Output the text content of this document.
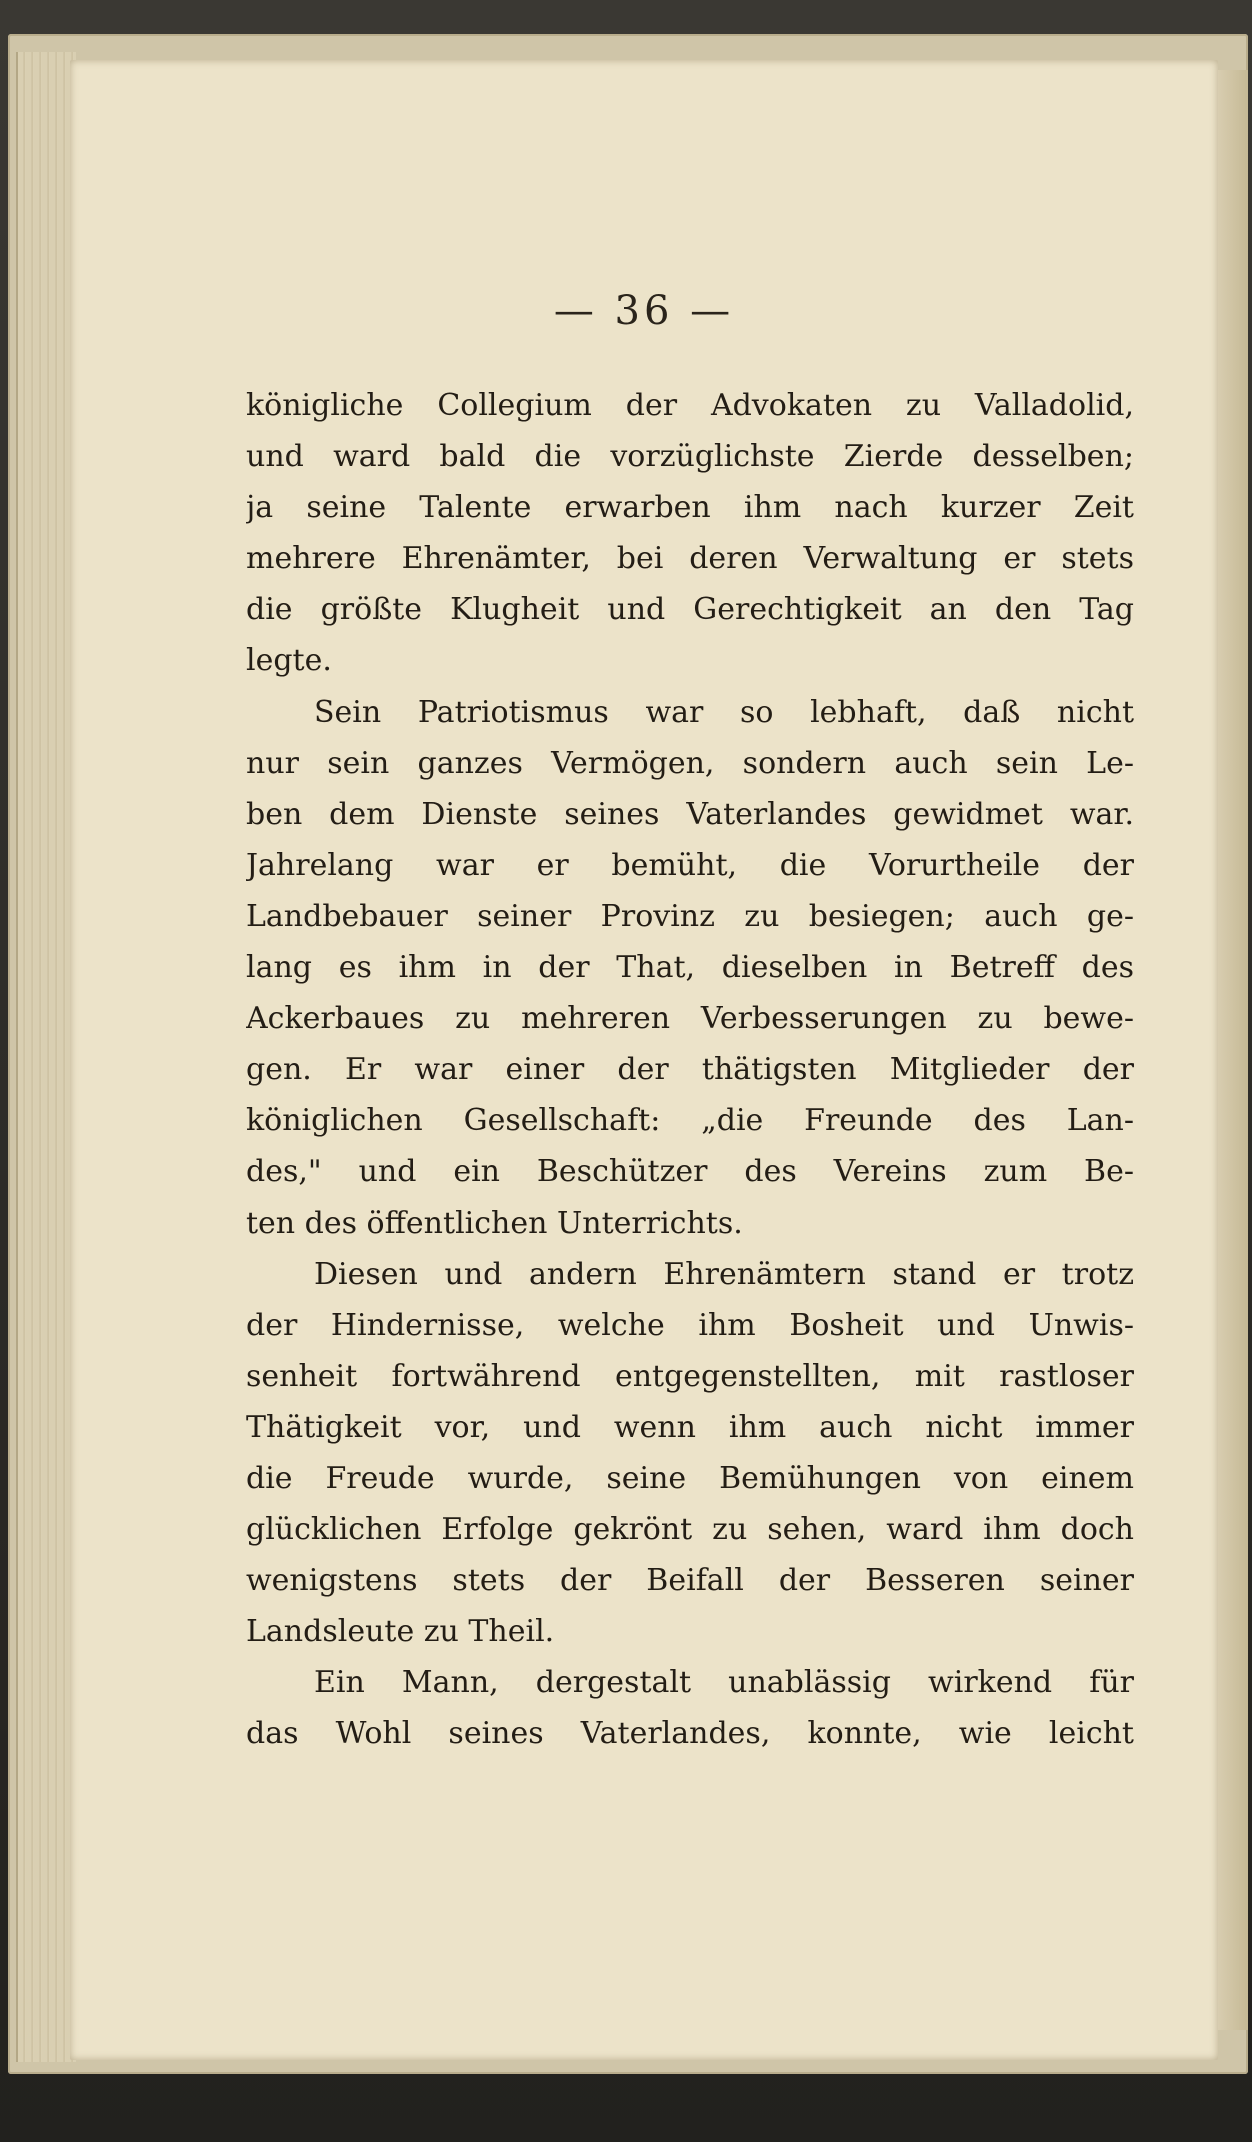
— 36 —
königliche Collegium der Advokaten zu Valladolid,
und ward bald die vorzüglichste Zierde desselben;
ja seine Talente erwarben ihm nach kurzer Zeit
mehrere Ehrenämter, bei deren Verwaltung er stets
die größte Klugheit und Gerechtigkeit an den Tag
legte.
Sein Patriotismus war so lebhaft, daß nicht
nur sein ganzes Vermögen, sondern auch sein Le-
ben dem Dienste seines Vaterlandes gewidmet war.
Jahrelang war er bemüht, die Vorurtheile der
Landbebauer seiner Provinz zu besiegen; auch ge-
lang es ihm in der That, dieselben in Betreff des
Ackerbaues zu mehreren Verbesserungen zu bewe-
gen. Er war einer der thätigsten Mitglieder der
königlichen Gesellschaft: „die Freunde des Lan-
des," und ein Beschützer des Vereins zum Be-
ten des öffentlichen Unterrichts.
Diesen und andern Ehrenämtern stand er trotz
der Hindernisse, welche ihm Bosheit und Unwis-
senheit fortwährend entgegenstellten, mit rastloser
Thätigkeit vor, und wenn ihm auch nicht immer
die Freude wurde, seine Bemühungen von einem
glücklichen Erfolge gekrönt zu sehen, ward ihm doch
wenigstens stets der Beifall der Besseren seiner
Landsleute zu Theil.
Ein Mann, dergestalt unablässig wirkend für
das Wohl seines Vaterlandes, konnte, wie leicht
